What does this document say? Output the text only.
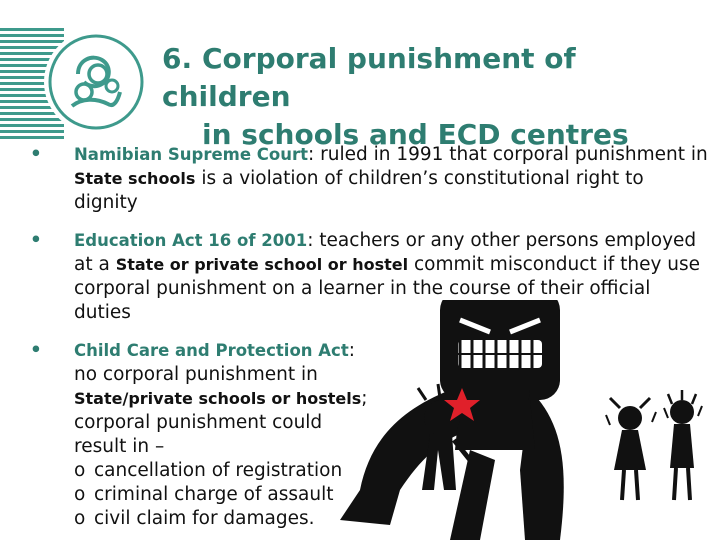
6. Corporal punishment of children
in schools and ECD centres
•	Namibian Supreme Court: ruled in 1991 that corporal punishment in State schools is a violation of children’s constitutional right to dignity
•	Education Act 16 of 2001: teachers or any other persons employed at a State or private school or hostel commit misconduct if they use corporal punishment on a learner in the course of their official duties
•	Child Care and Protection Act:
no corporal punishment in
State/private schools or hostels;
corporal punishment could
result in –
o cancellation of registration
o criminal charge of assault
o civil claim for damages.
